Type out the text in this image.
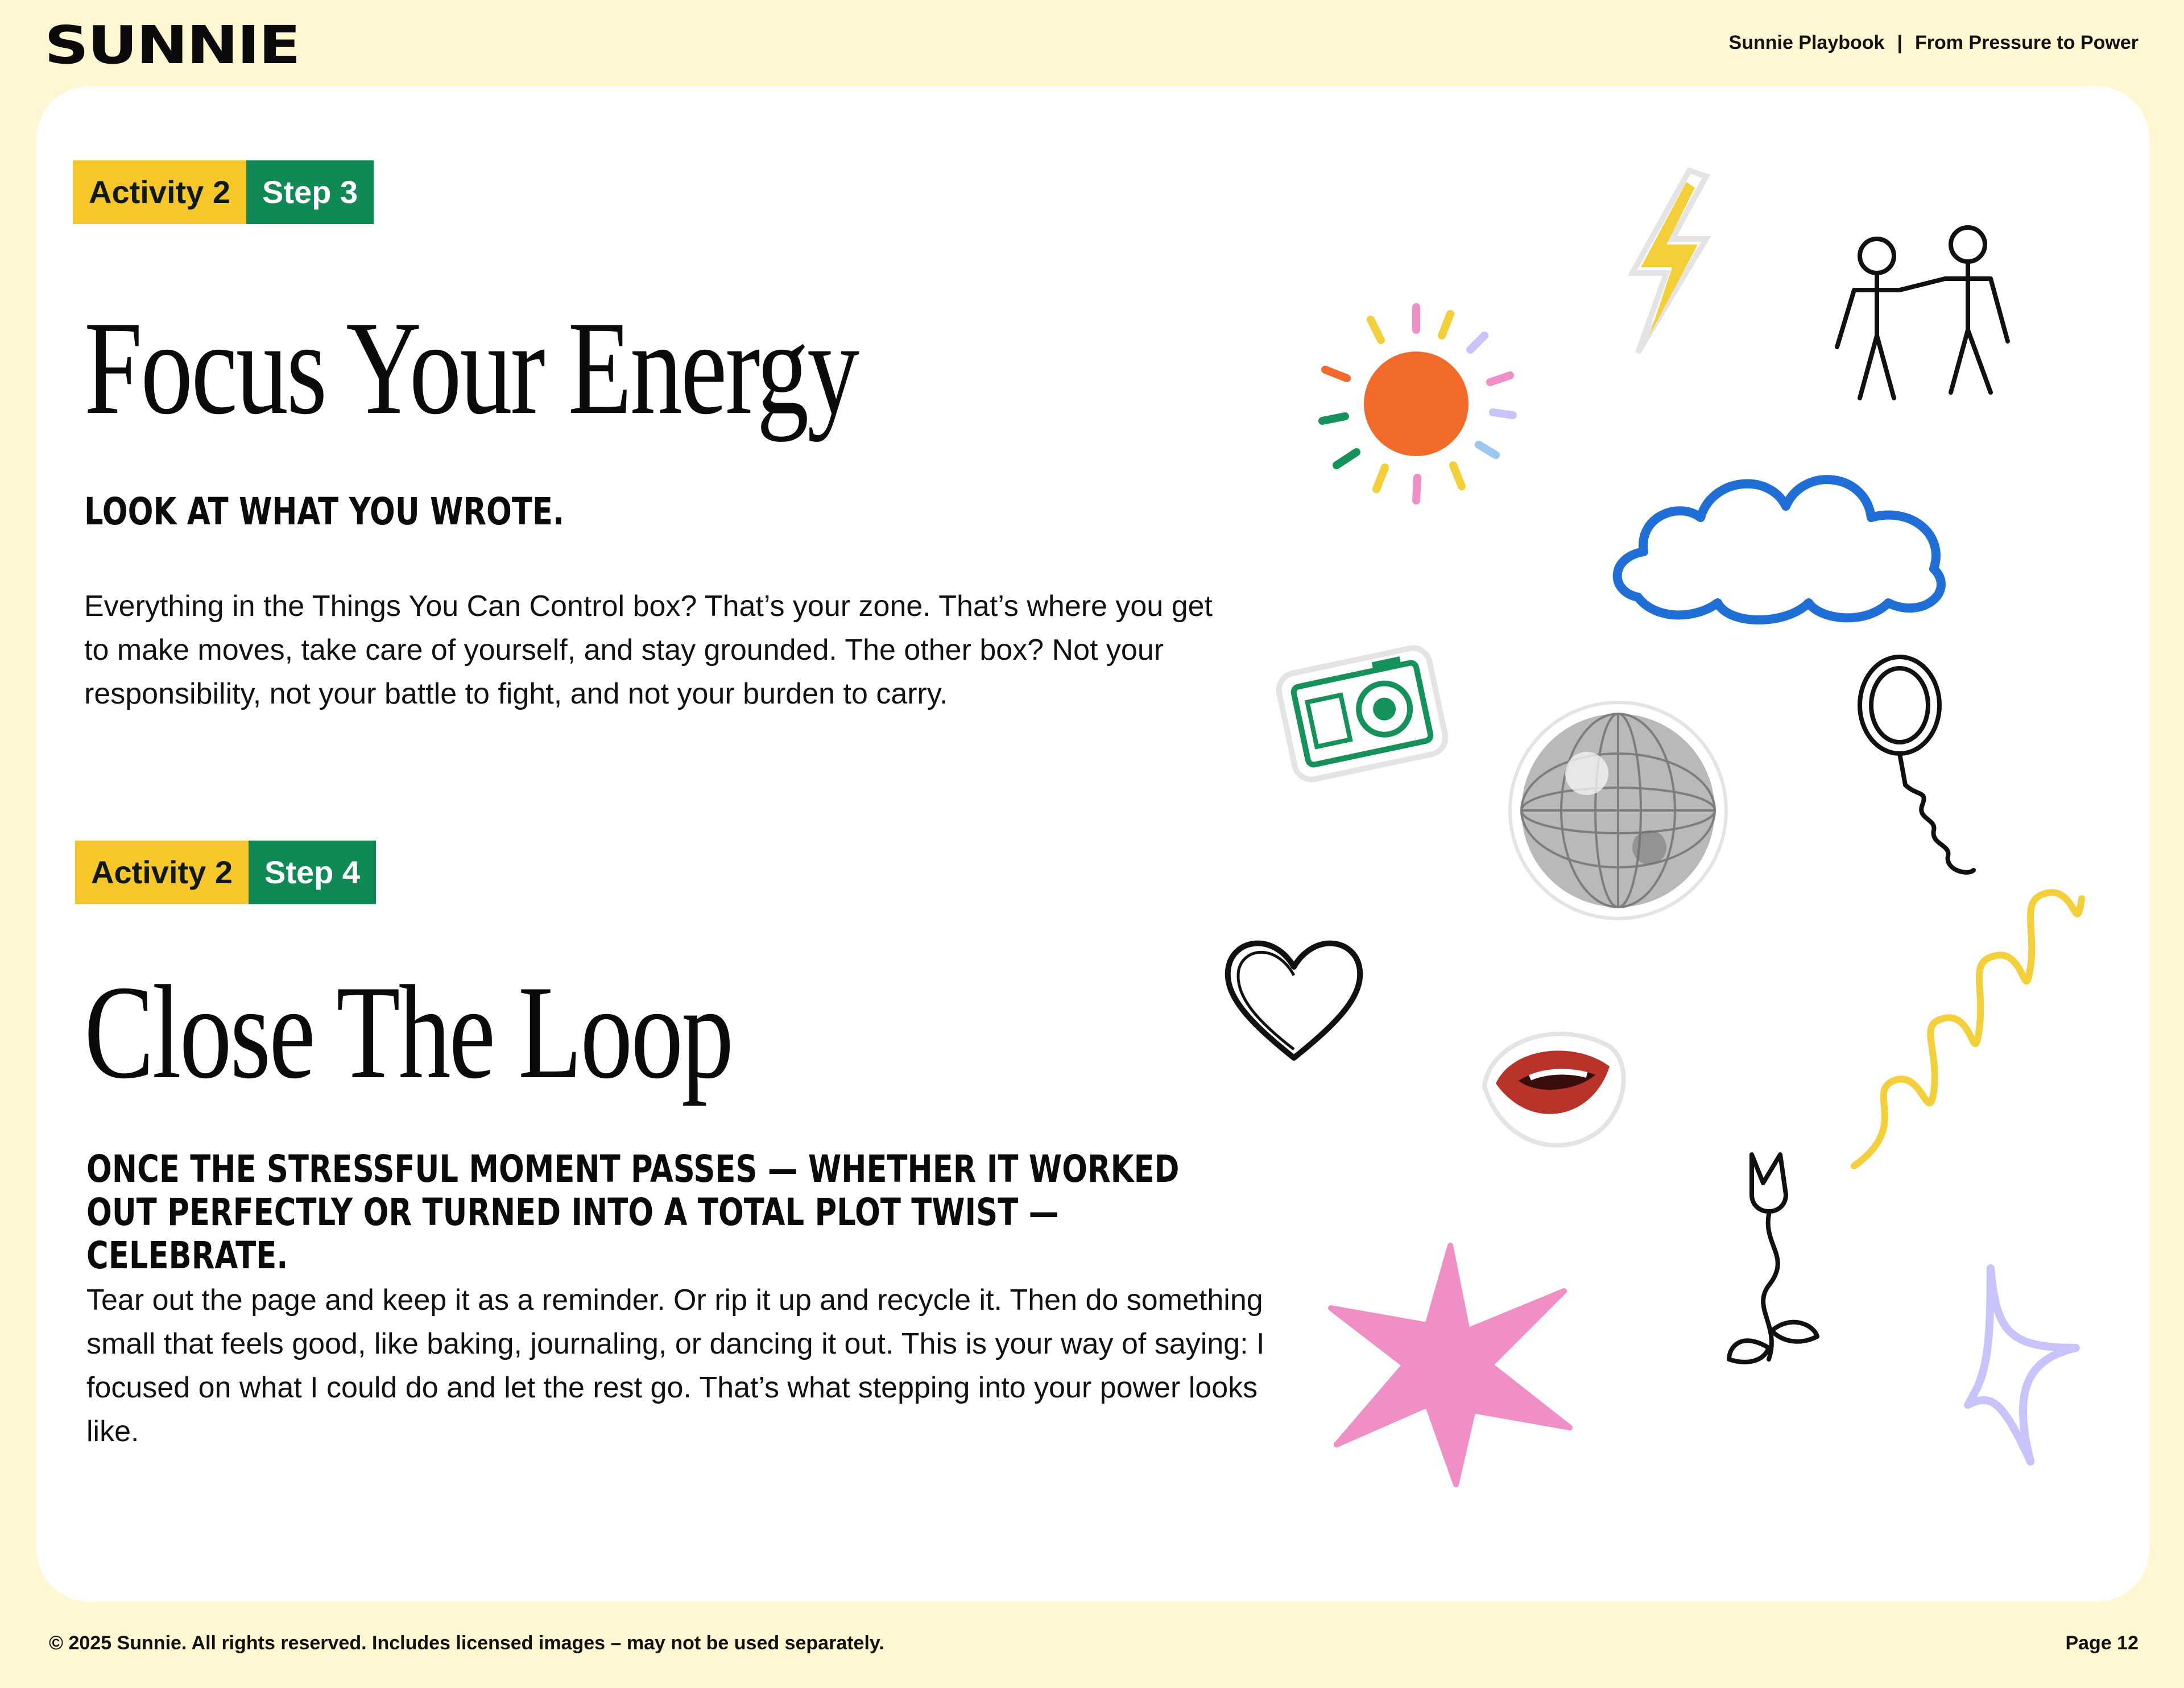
SUNNIE	Sunnie Playbook | From Pressure to Power
Activity 2	Step 3
Focus Your Energy
LOOK AT WHAT YOU WROTE.
Everything in the Things You Can Control box? That’s your zone. That’s where you get to make moves, take care of yourself, and stay grounded. The other box? Not your responsibility, not your battle to fight, and not your burden to carry.
Activity 2	Step 4
Close The Loop
ONCE THE STRESSFUL MOMENT PASSES — WHETHER IT WORKED OUT PERFECTLY OR TURNED INTO A TOTAL PLOT TWIST — CELEBRATE.
Tear out the page and keep it as a reminder. Or rip it up and recycle it. Then do something small that feels good, like baking, journaling, or dancing it out. This is your way of saying: I focused on what I could do and let the rest go. That’s what stepping into your power looks like.
© 2025 Sunnie. All rights reserved. Includes licensed images – may not be used separately.	Page 12
